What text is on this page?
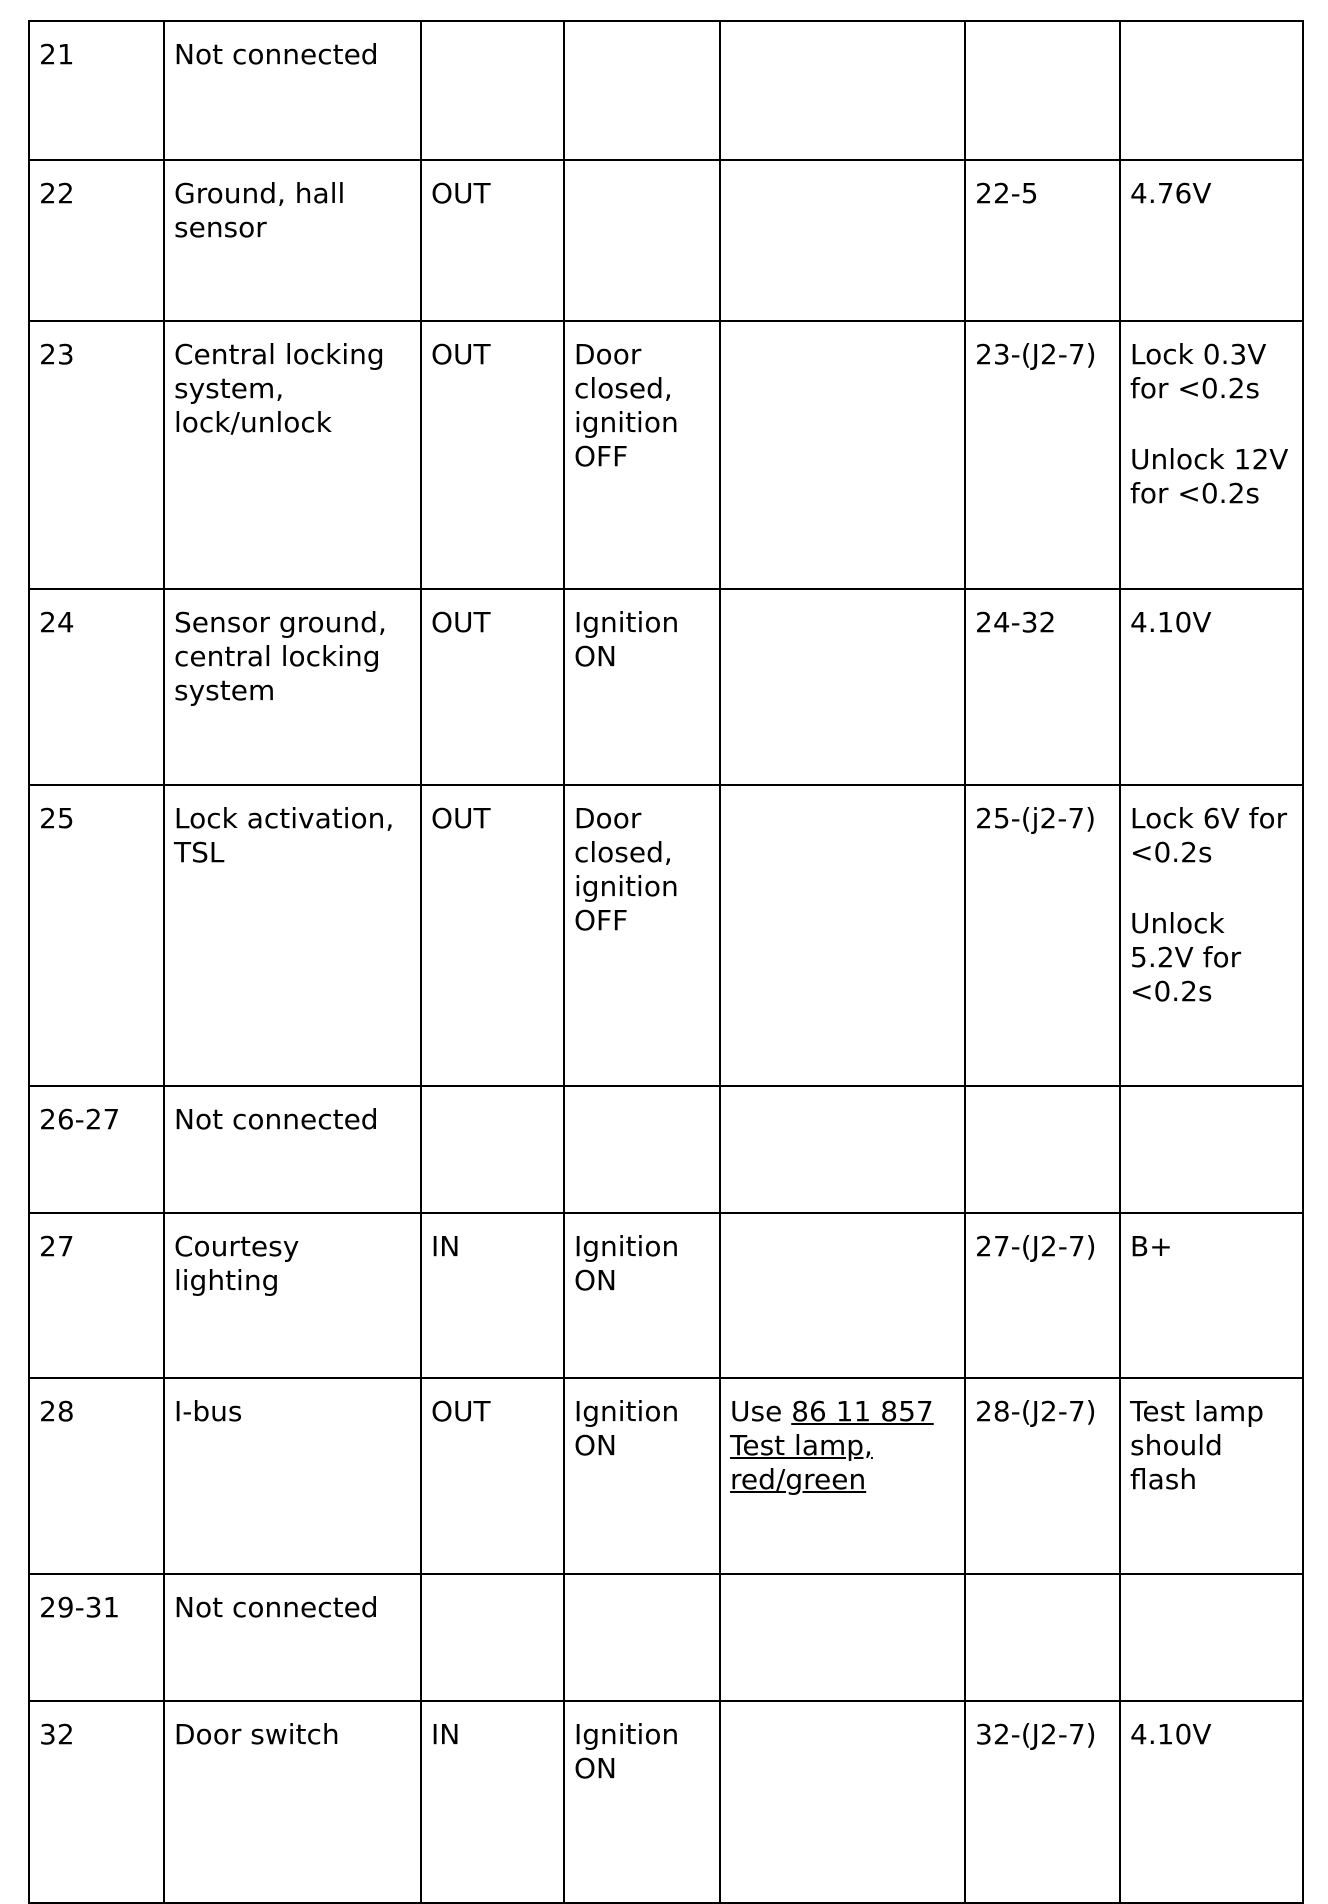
21	Not connected					

22	Ground, hall
sensor	OUT			22-5	4.76V

23	Central locking
system,
lock/unlock	OUT	Door
closed,
ignition
OFF		23-(J2-7)	Lock 0.3V
for <0.2s
Unlock 12V
for <0.2s

24	Sensor ground,
central locking
system	OUT	Ignition
ON		24-32	4.10V

25	Lock activation,
TSL	OUT	Door
closed,
ignition
OFF		25-(j2-7)	Lock 6V for
<0.2s
Unlock
5.2V for
<0.2s

26-27	Not connected					

27	Courtesy
lighting	IN	Ignition
ON		27-(J2-7)	B+

28	I-bus	OUT	Ignition
ON	Use 86 11 857
Test lamp,
red/green	28-(J2-7)	Test lamp
should
flash

29-31	Not connected					

32	Door switch	IN	Ignition
ON		32-(J2-7)	4.10V
